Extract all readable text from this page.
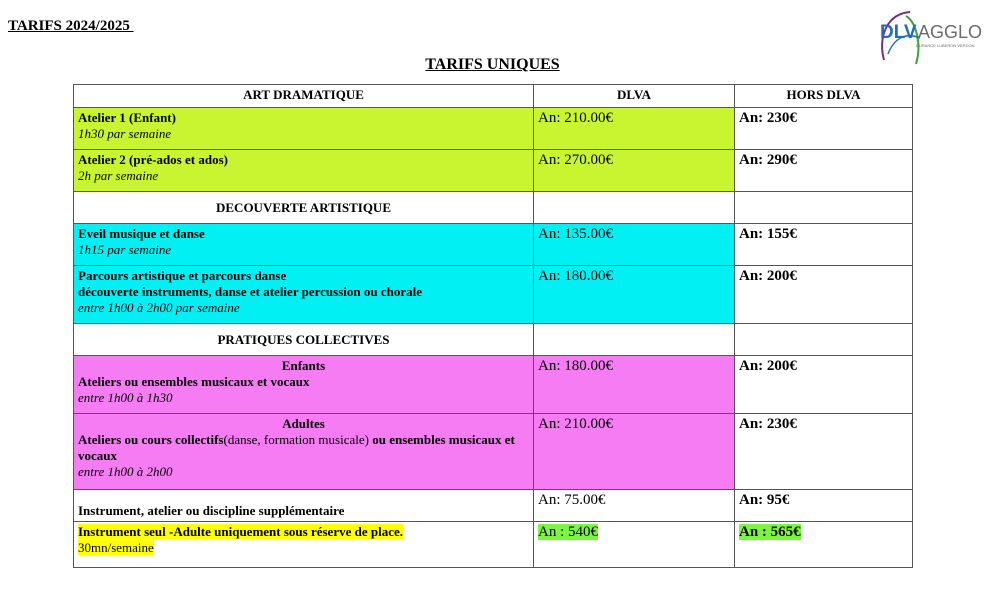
TARIFS 2024/2025	DLV AGGLO
DURANCE LUBERON VERDON
TARIFS UNIQUES
ART DRAMATIQUE	DLVA	HORS DLVA

Atelier 1 (Enfant)
1h30 par semaine	An: 210.00€	An: 230€

Atelier 2 (pré-ados et ados)
2h par semaine	An: 270.00€	An: 290€
DECOUVERTE ARTISTIQUE		

Eveil musique et danse
1h15 par semaine	An: 135.00€	An: 155€

Parcours artistique et parcours danse
découverte instruments, danse et atelier percussion ou chorale
entre 1h00 à 2h00 par semaine	An: 180.00€	An: 200€
PRATIQUES COLLECTIVES		

Enfants
Ateliers ou ensembles musicaux et vocaux
entre 1h00 à 1h30	An: 180.00€	An: 200€

Adultes
Ateliers ou cours collectifs(danse, formation musicale) ou ensembles musicaux et vocaux
entre 1h00 à 2h00	An: 210.00€	An: 230€

Instrument, atelier ou discipline supplémentaire	An: 75.00€	An: 95€

Instrument seul -Adulte uniquement sous réserve de place.
30mn/semaine	An : 540€	An : 565€
